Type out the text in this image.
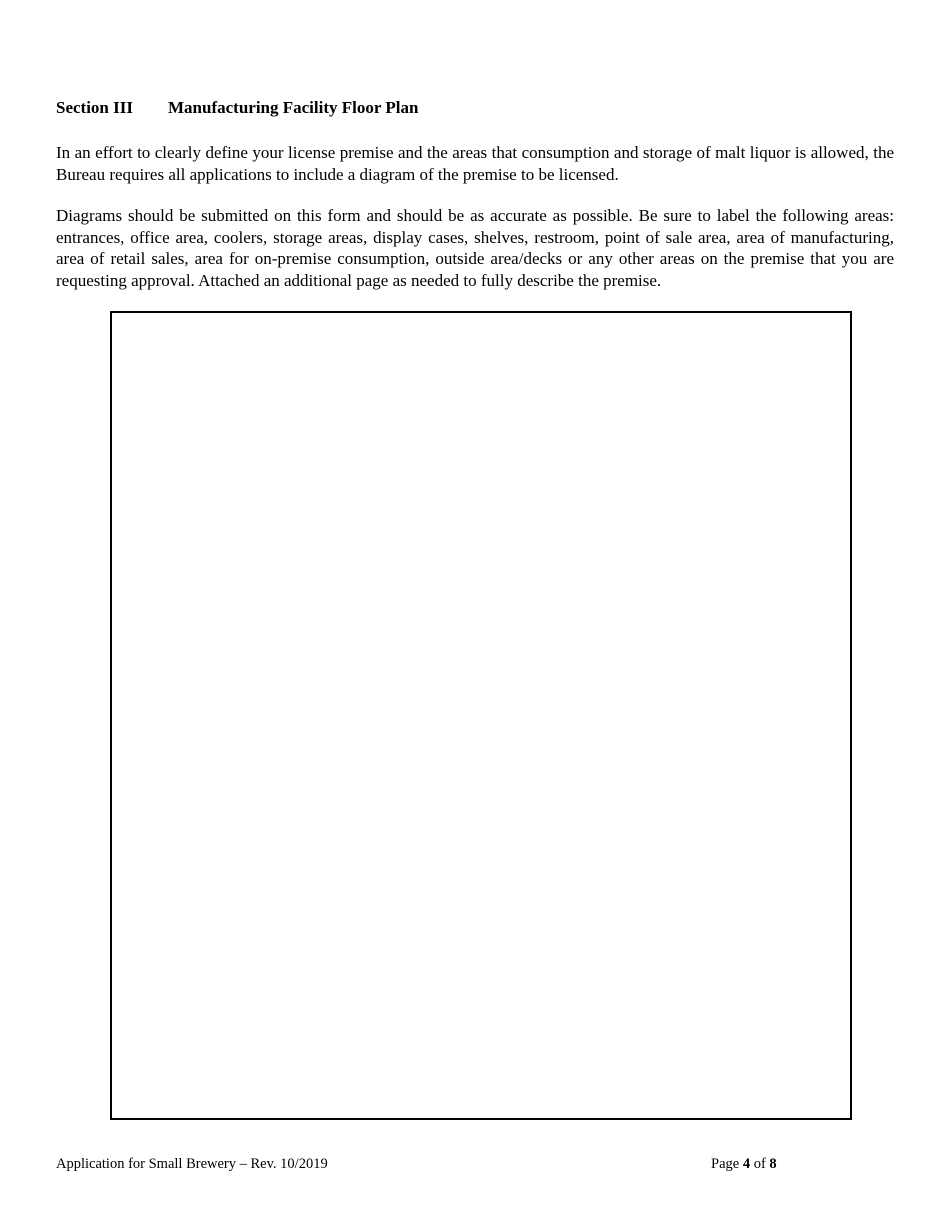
Section III Manufacturing Facility Floor Plan

In an effort to clearly define your license premise and the areas that consumption and storage of malt liquor is allowed, the Bureau requires all applications to include a diagram of the premise to be licensed.

Diagrams should be submitted on this form and should be as accurate as possible. Be sure to label the following areas: entrances, office area, coolers, storage areas, display cases, shelves, restroom, point of sale area, area of manufacturing, area of retail sales, area for on-premise consumption, outside area/decks or any other areas on the premise that you are requesting approval. Attached an additional page as needed to fully describe the premise.

Application for Small Brewery – Rev. 10/2019	Page 4 of 8
